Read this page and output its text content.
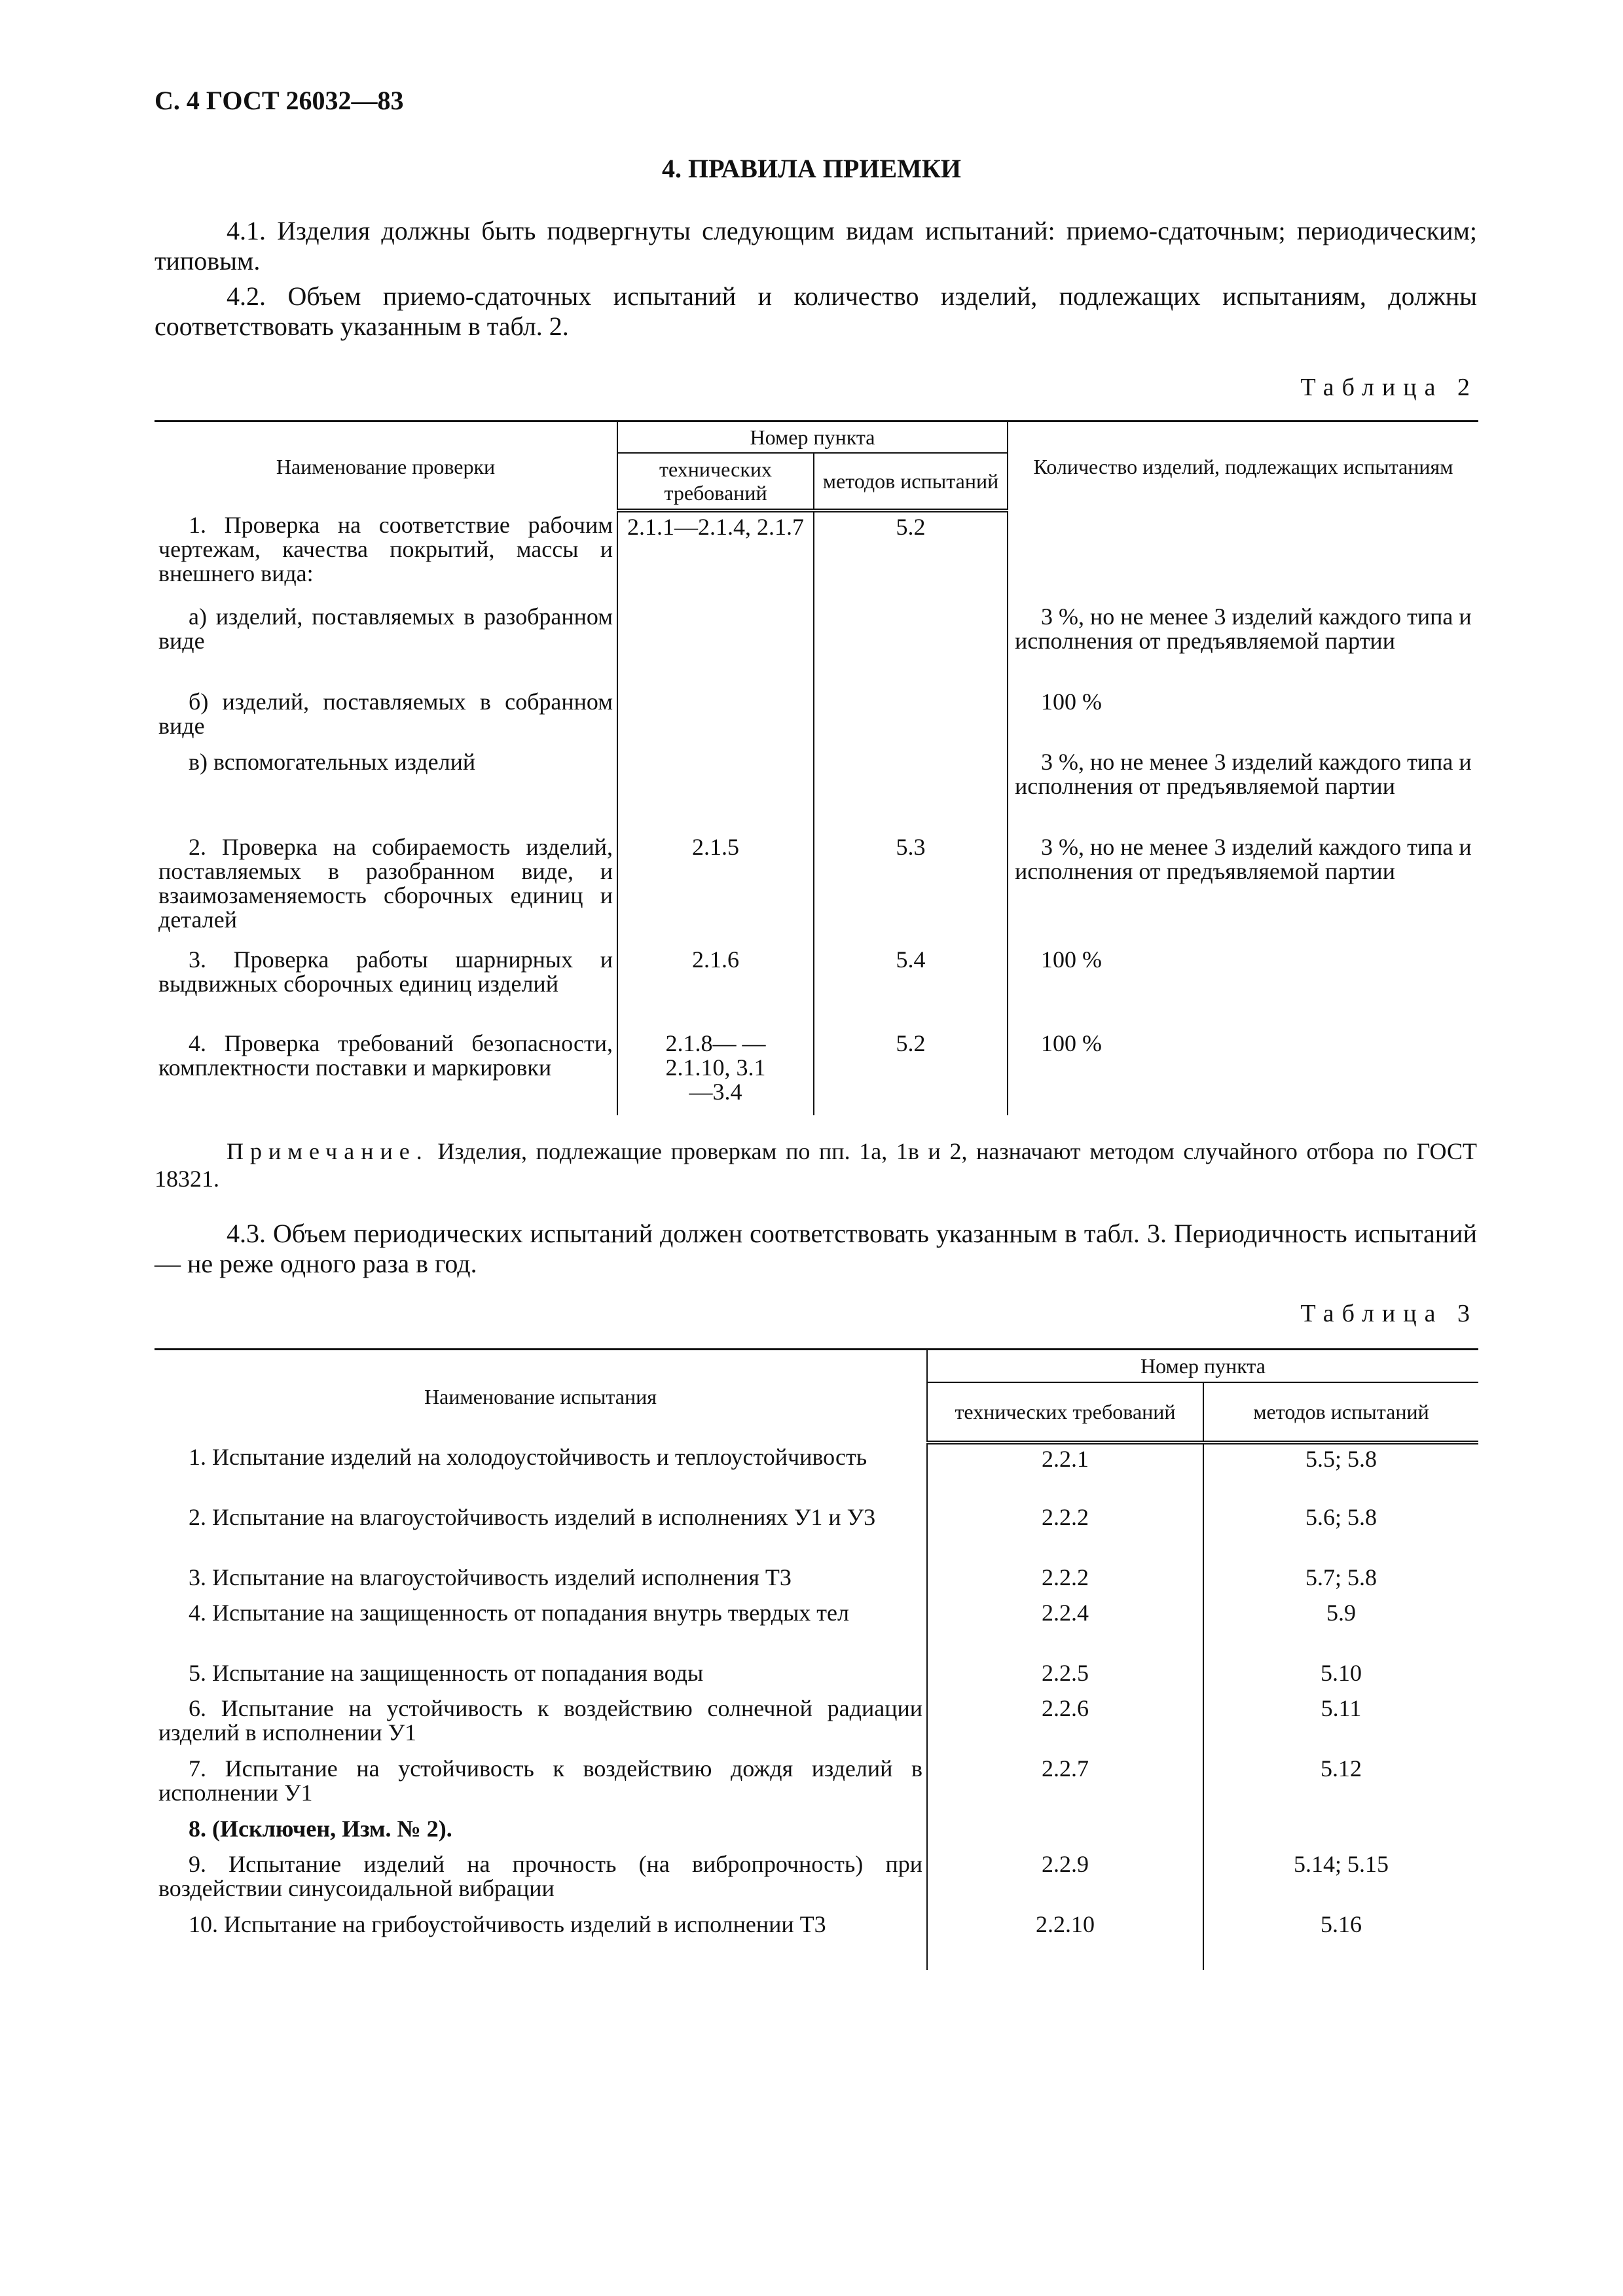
С. 4 ГОСТ 26032—83
4. ПРАВИЛА ПРИЕМКИ

4.1. Изделия должны быть подвергнуты следующим видам испытаний: приемо-сдаточным; периодическим; типовым.

4.2. Объем приемо-сдаточных испытаний и количество изделий, подлежащих испытаниям, должны соответствовать указанным в табл. 2.

Таблица 2
Наименование проверки	Номер пункта		Количество изделий, подлежащих испытаниям
	технических требований	методов испытаний	
1. Проверка на соответствие рабочим чертежам, качества покрытий, массы и внешнего вида:	2.1.1—2.1.4, 2.1.7	5.2	
а) изделий, поставляемых в разобранном виде			3 %, но не менее 3 изделий каждого типа и исполнения от предъявляемой партии
б) изделий, поставляемых в собранном виде			100 %
в) вспомогательных изделий			3 %, но не менее 3 изделий каждого типа и исполнения от предъявляемой партии
2. Проверка на собираемость изделий, поставляемых в разобранном виде, и взаимозаменяемость сборочных единиц и деталей	2.1.5	5.3	3 %, но не менее 3 изделий каждого типа и исполнения от предъявляемой партии
3. Проверка работы шарнирных и выдвижных сборочных единиц изделий	2.1.6	5.4	100 %
4. Проверка требований безопасности, комплектности поставки и маркировки	2.1.8— —2.1.10, 3.1—3.4	5.2	100 %

Примечание. Изделия, подлежащие проверкам по пп. 1а, 1в и 2, назначают методом случайного отбора по ГОСТ 18321.

4.3. Объем периодических испытаний должен соответствовать указанным в табл. 3. Периодичность испытаний — не реже одного раза в год.

Таблица 3
Наименование испытания	Номер пункта	
	технических требований	методов испытаний
1. Испытание изделий на холодоустойчивость и теплоустойчивость	2.2.1	5.5; 5.8
2. Испытание на влагоустойчивость изделий в исполнениях У1 и У3	2.2.2	5.6; 5.8
3. Испытание на влагоустойчивость изделий исполнения Т3	2.2.2	5.7; 5.8
4. Испытание на защищенность от попадания внутрь твердых тел	2.2.4	5.9
5. Испытание на защищенность от попадания воды	2.2.5	5.10
6. Испытание на устойчивость к воздействию солнечной радиации изделий в исполнении У1	2.2.6	5.11
7. Испытание на устойчивость к воздействию дождя изделий в исполнении У1	2.2.7	5.12
8. (Исключен, Изм. № 2).		
9. Испытание изделий на прочность (на вибропрочность) при воздействии синусоидальной вибрации	2.2.9	5.14; 5.15
10. Испытание на грибоустойчивость изделий в исполнении Т3	2.2.10	5.16
